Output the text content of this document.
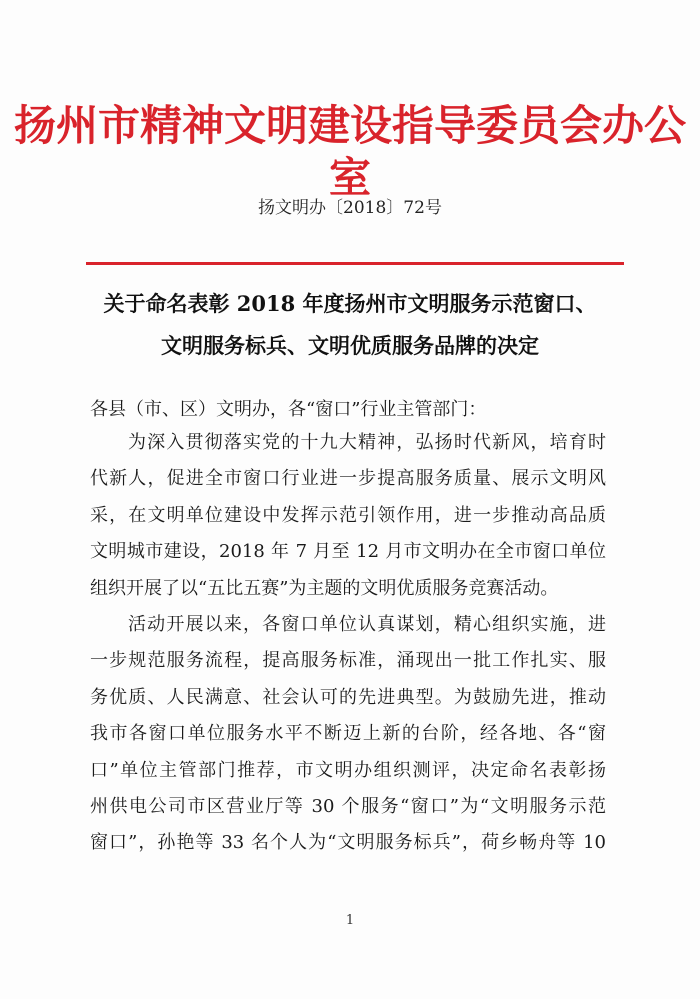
扬州市精神文明建设指导委员会办公室
扬文明办〔2018〕72号
关于命名表彰 2018 年度扬州市文明服务示范窗口、
文明服务标兵、文明优质服务品牌的决定
各县（市、区）文明办，各“窗口”行业主管部门：
为深入贯彻落实党的十九大精神，弘扬时代新风，培育时
代新人，促进全市窗口行业进一步提高服务质量、展示文明风
采，在文明单位建设中发挥示范引领作用，进一步推动高品质
文明城市建设，2018 年 7 月至 12 月市文明办在全市窗口单位
组织开展了以“五比五赛”为主题的文明优质服务竞赛活动。
活动开展以来，各窗口单位认真谋划，精心组织实施，进
一步规范服务流程，提高服务标准，涌现出一批工作扎实、服
务优质、人民满意、社会认可的先进典型。为鼓励先进，推动
我市各窗口单位服务水平不断迈上新的台阶，经各地、各“窗
口”单位主管部门推荐，市文明办组织测评，决定命名表彰扬
州供电公司市区营业厅等 30 个服务“窗口”为“文明服务示范
窗口”，孙艳等 33 名个人为“文明服务标兵”，荷乡畅舟等 10
1
